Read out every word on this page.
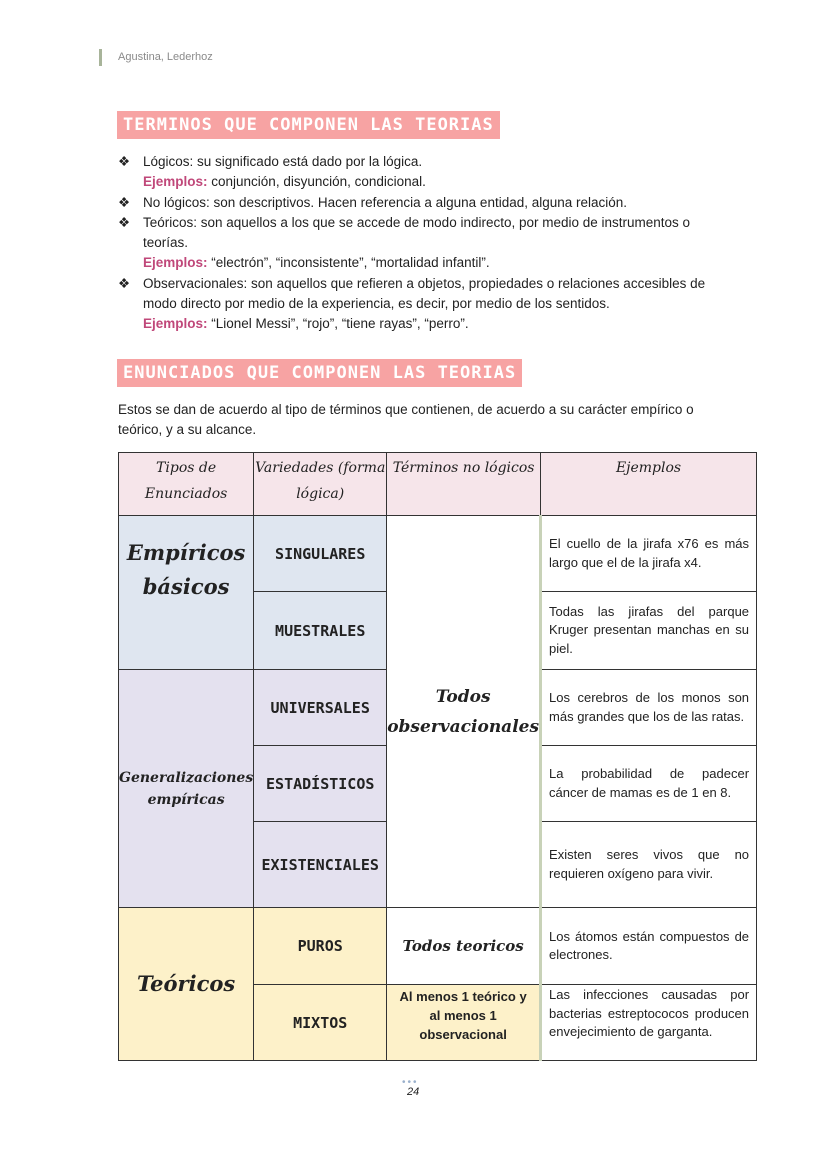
Agustina, Lederhoz
TERMINOS QUE COMPONEN LAS TEORIAS
❖ Lógicos: su significado está dado por la lógica.
Ejemplos: conjunción, disyunción, condicional.
❖ No lógicos: son descriptivos. Hacen referencia a alguna entidad, alguna relación.
❖ Teóricos: son aquellos a los que se accede de modo indirecto, por medio de instrumentos o teorías.
Ejemplos: “electrón”, “inconsistente”, “mortalidad infantil”.
❖ Observacionales: son aquellos que refieren a objetos, propiedades o relaciones accesibles de modo directo por medio de la experiencia, es decir, por medio de los sentidos.
Ejemplos: “Lionel Messi”, “rojo”, “tiene rayas”, “perro”.
ENUNCIADOS QUE COMPONEN LAS TEORIAS
Estos se dan de acuerdo al tipo de términos que contienen, de acuerdo a su carácter empírico o teórico, y a su alcance.
Tipos de Enunciados	Variedades (forma lógica)	Términos no lógicos	Ejemplos
Empíricos básicos	SINGULARES	Todos observacionales	El cuello de la jirafa x76 es más largo que el de la jirafa x4.
	MUESTRALES		Todas las jirafas del parque Kruger presentan manchas en su piel.
Generalizaciones empíricas	UNIVERSALES		Los cerebros de los monos son más grandes que los de las ratas.
	ESTADÍSTICOS		La probabilidad de padecer cáncer de mamas es de 1 en 8.
	EXISTENCIALES		Existen seres vivos que no requieren oxígeno para vivir.
Teóricos	PUROS	Todos teoricos	Los átomos están compuestos de electrones.
	MIXTOS	Al menos 1 teórico y al menos 1 observacional	Las infecciones causadas por bacterias estreptococos producen envejecimiento de garganta.
•••
24
